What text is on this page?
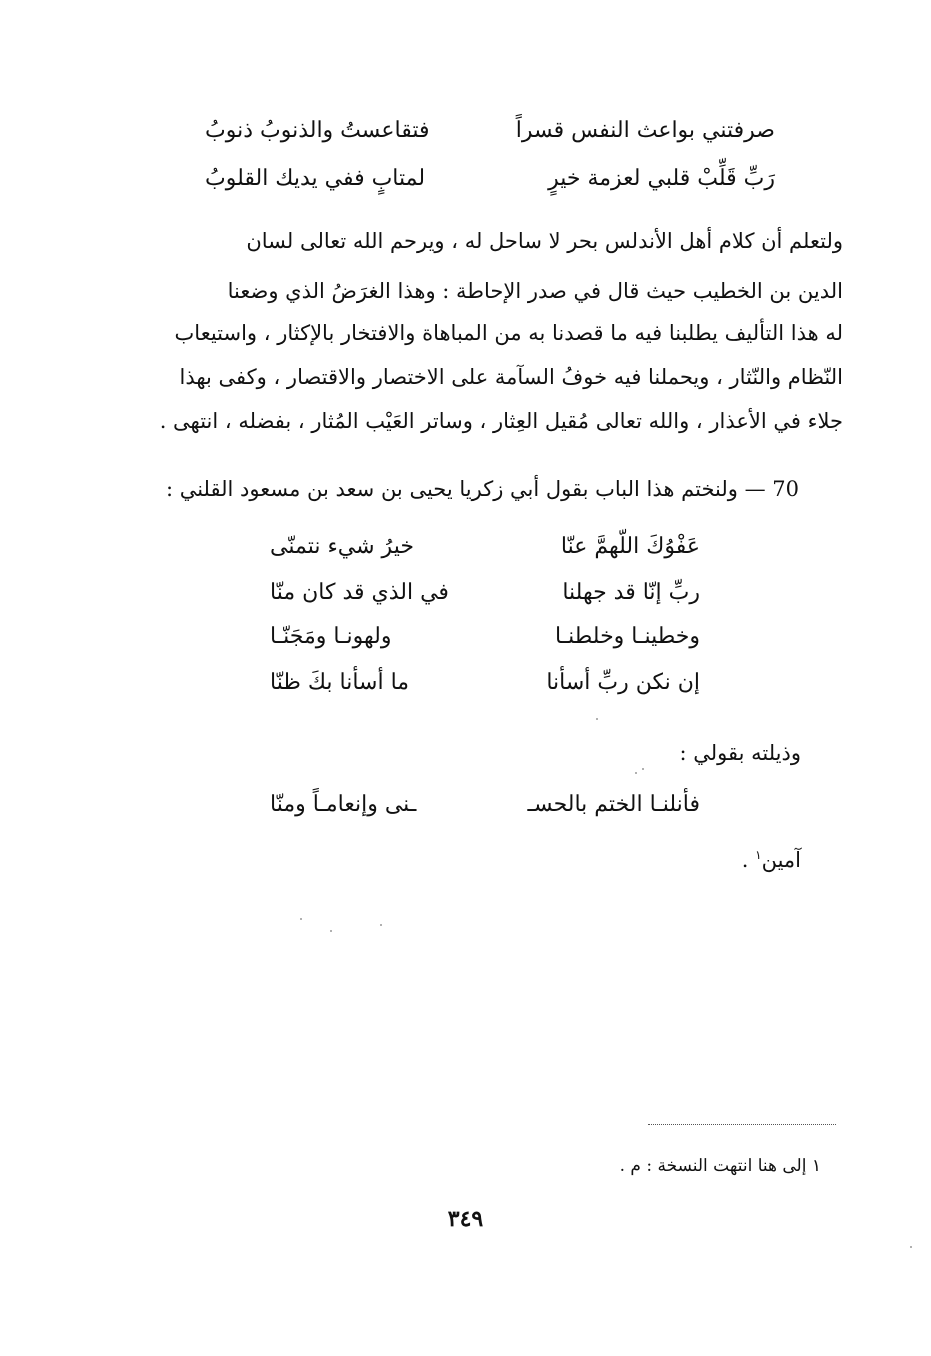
صرفتني بواعث النفس قسراً
فتقاعستُ والذنوبُ ذنوبُ
رَبِّ قَلِّبْ قلبي لعزمة خيرٍ
لمتابٍ ففي يديك القلوبُ
ولتعلم أن كلام أهل الأندلس بحر لا ساحل له ، ويرحم الله تعالى لسان
الدين بن الخطيب حيث قال في صدر الإحاطة : وهذا الغرَضُ الذي وضعنا
له هذا التأليف يطلبنا فيه ما قصدنا به من المباهاة والافتخار بالإكثار ، واستيعاب
النّظام والنّثار ، ويحملنا فيه خوفُ السآمة على الاختصار والاقتصار ، وكفى بهذا
جلاء في الأعذار ، والله تعالى مُقيل العِثار ، وساتر العَيْب المُثار ، بفضله ، انتهى .
70 — ولنختم هذا الباب بقول أبي زكريا يحيى بن سعد بن مسعود القلني :
عَفْوُكَ اللّهمَّ عنّا
خيرُ شيء نتمنّى
ربِّ إنّا قد جهلنا
في الذي قد كان منّا
وخطينـا وخلطنـا
ولهونـا ومَجَنّـا
إن نكن ربِّ أسأنا
ما أسأنا بكَ ظنّا
وذيلته بقولي :
فأنلنـا الختم بالحسـ
ـنى وإنعامـاً ومنّا
آمين$^١$ .
١ إلى هنا انتهت النسخة : م .
٣٤٩
